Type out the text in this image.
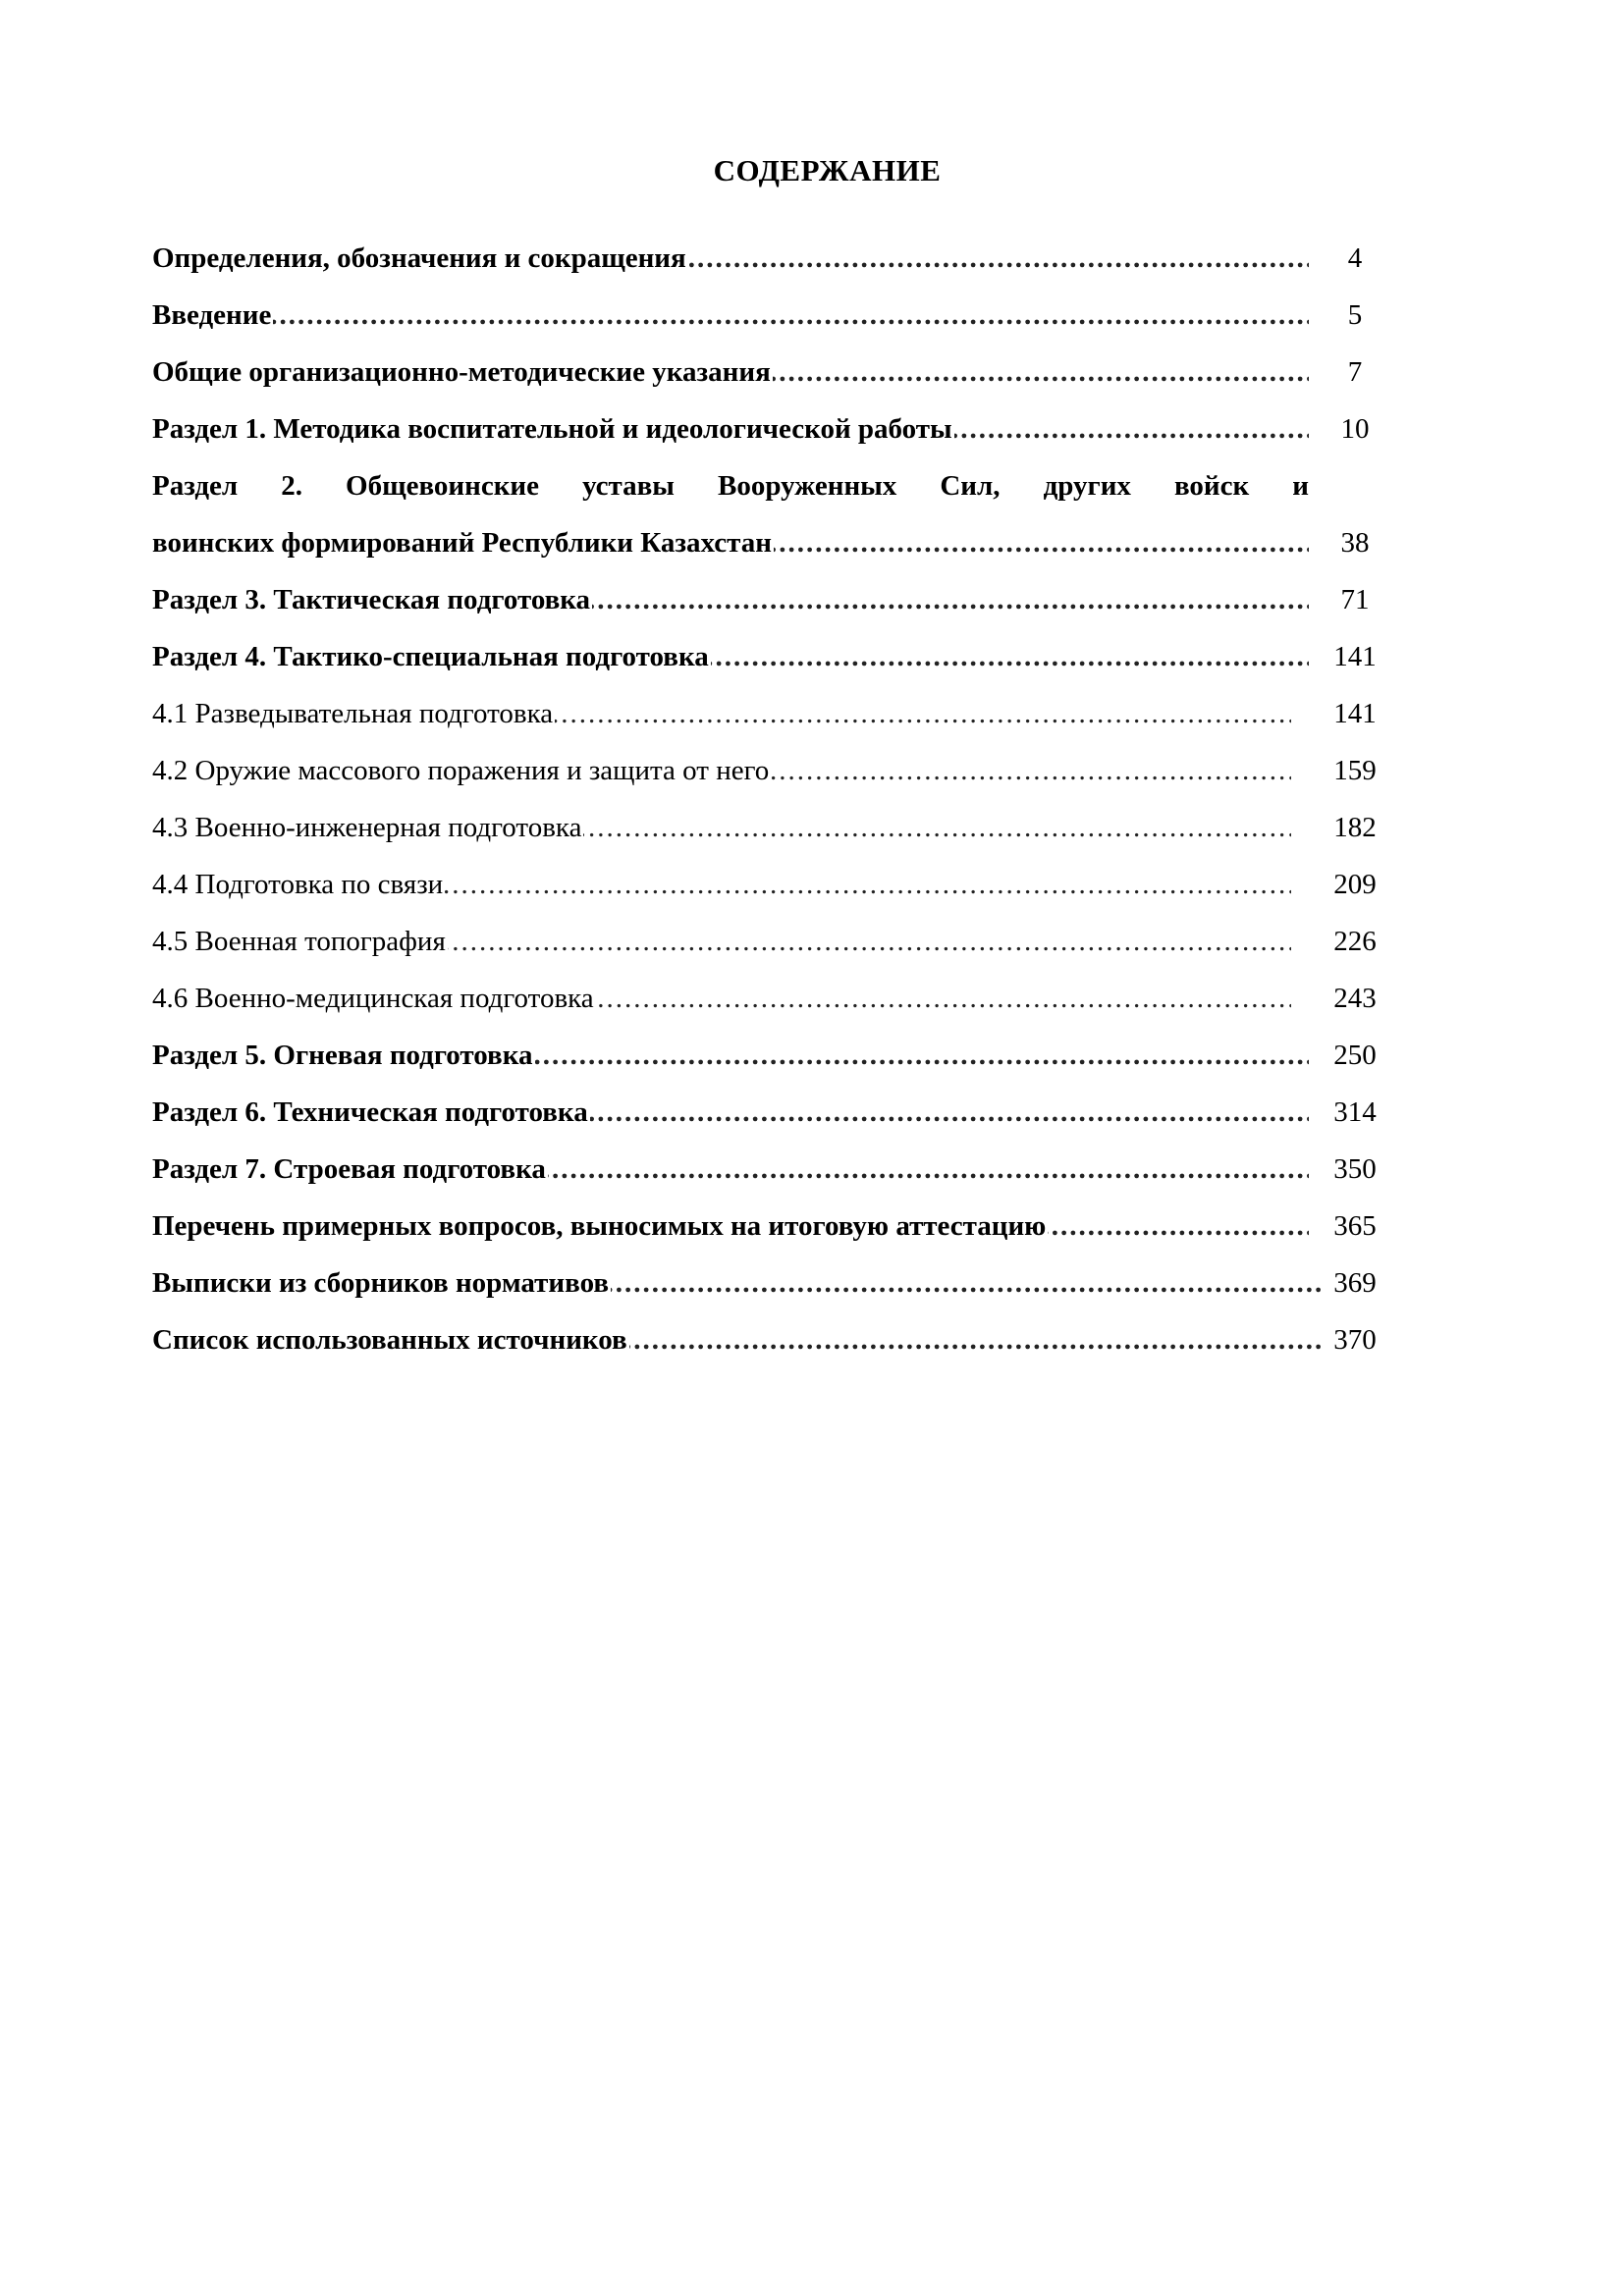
СОДЕРЖАНИЕ
Определения, обозначения и сокращения .....	4
Введение .....	5
Общие организационно-методические указания .....	7
Раздел 1. Методика воспитательной и идеологической работы .....	10
Раздел 2. Общевоинские уставы Вооруженных Сил, других войск и
воинских формирований Республики Казахстан .....	38
Раздел 3. Тактическая подготовка .....	71
Раздел 4. Тактико-специальная подготовка .....	141
4.1 Разведывательная подготовка .....	141
4.2 Оружие массового поражения и защита от него .....	159
4.3 Военно-инженерная подготовка .....	182
4.4 Подготовка по связи .....	209
4.5 Военная топография .....	226
4.6 Военно-медицинская подготовка .....	243
Раздел 5. Огневая подготовка .....	250
Раздел 6. Техническая подготовка .....	314
Раздел 7. Строевая подготовка .....	350
Перечень примерных вопросов, выносимых на итоговую аттестацию .....	365
Выписки из сборников нормативов .....	369
Список использованных источников .....	370
